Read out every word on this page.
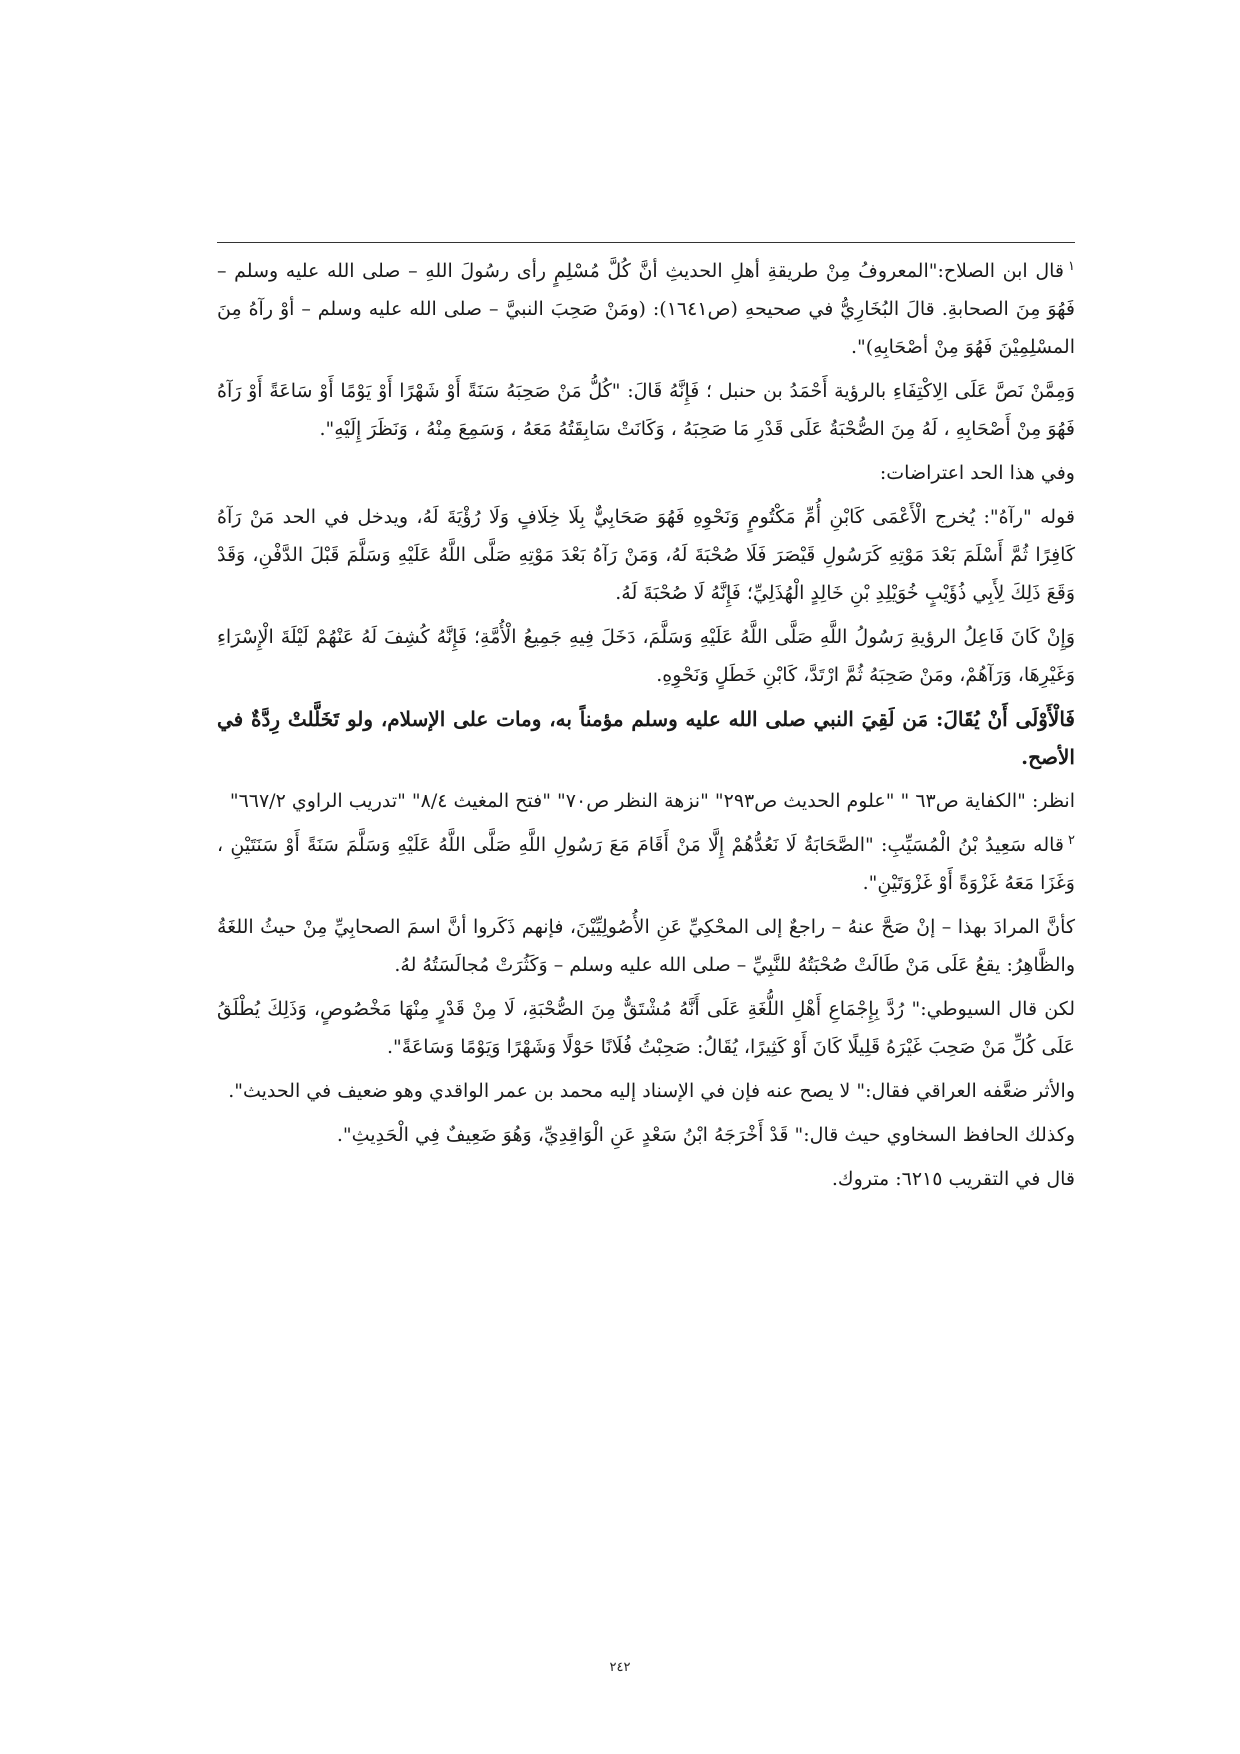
$^١$قال ابن الصلاح:"المعروفُ مِنْ طريقةِ أهلِ الحديثِ أنَّ كُلَّ مُسْلِمٍ رأى رسُولَ اللهِ – صلى الله عليه وسلم – فَهُوَ مِنَ الصحابةِ. قالَ البُخَارِيُّ في صحيحهِ (ص١٦٤١): (ومَنْ صَحِبَ النبيَّ – صلى الله عليه وسلم – أوْ رآهُ مِنَ المسْلِمِيْنَ فَهُوَ مِنْ أصْحَابِهِ)".

وَمِمَّنْ نَصَّ عَلَى الِاكْتِفَاءِ بالرؤية أَحْمَدُ بن حنبل ؛ فَإِنَّهُ قَالَ: "كُلُّ مَنْ صَحِبَهُ سَنَةً أَوْ شَهْرًا أَوْ يَوْمًا أَوْ سَاعَةً أَوْ رَآهُ فَهُوَ مِنْ أَصْحَابِهِ ، لَهُ مِنَ الصُّحْبَةُ عَلَى قَدْرِ مَا صَحِبَهُ ، وَكَانَتْ سَابِقَتُهُ مَعَهُ ، وَسَمِعَ مِنْهُ ، وَنَظَرَ إِلَيْهِ".

وفي هذا الحد اعتراضات:

قوله "رآهُ": يُخرج الْأَعْمَى كَابْنِ أُمِّ مَكْتُومٍ وَنَحْوِهِ فَهُوَ صَحَابِيٌّ بِلَا خِلَافٍ وَلَا رُؤْيَةَ لَهُ، ويدخل في الحد مَنْ رَآهُ كَافِرًا ثُمَّ أَسْلَمَ بَعْدَ مَوْتِهِ كَرَسُولِ قَيْصَرَ فَلَا صُحْبَةَ لَهُ، وَمَنْ رَآهُ بَعْدَ مَوْتِهِ صَلَّى اللَّهُ عَلَيْهِ وَسَلَّمَ قَبْلَ الدَّفْنِ، وَقَدْ وَقَعَ ذَلِكَ لِأَبِي ذُؤَيْبٍ خُوَيْلِدِ بْنِ خَالِدٍ الْهُذَلِيِّ؛ فَإِنَّهُ لَا صُحْبَةَ لَهُ.

وَإِنْ كَانَ فَاعِلُ الرؤيةِ رَسُولُ اللَّهِ صَلَّى اللَّهُ عَلَيْهِ وَسَلَّمَ، دَخَلَ فِيهِ جَمِيعُ الْأُمَّةِ؛ فَإِنَّهُ كُشِفَ لَهُ عَنْهُمْ لَيْلَةَ الْإِسْرَاءِ وَغَيْرِهَا، وَرَآهُمْ، ومَنْ صَحِبَهُ ثُمَّ ارْتَدَّ، كَابْنِ خَطَلٍ وَنَحْوِهِ.

فَالْأَوْلَى أَنْ يُقَالَ: مَن لَقِيَ النبي صلى الله عليه وسلم مؤمناً به، ومات على الإسلام، ولو تَخَلَّلتْ رِدَّةٌ في الأصح.

انظر: "الكفاية ص٦٣ " "علوم الحديث ص٢٩٣" "نزهة النظر ص٧٠" "فتح المغيث ٨/٤" "تدريب الراوي ٦٦٧/٢"

$^٢$قاله سَعِيدُ بْنُ الْمُسَيِّبِ: "الصَّحَابَةُ لَا نَعُدُّهُمْ إِلَّا مَنْ أَقَامَ مَعَ رَسُولِ اللَّهِ صَلَّى اللَّهُ عَلَيْهِ وَسَلَّمَ سَنَةً أَوْ سَنَتَيْنِ ، وَغَزَا مَعَهُ غَزْوَةً أَوْ غَزْوَتَيْنِ".

كأنَّ المرادَ بهذا – إنْ صَحَّ عنهُ – راجعٌ إلى المحْكِيِّ عَنِ الأُصُولِيِّيْنَ، فإنهم ذَكَروا أنَّ اسمَ الصحابِيِّ مِنْ حيثُ اللغَةُ والظَّاهِرُ: يقعُ عَلَى مَنْ طَالَتْ صُحْبَتُهُ للنَّبِيِّ – صلى الله عليه وسلم – وَكَثُرَتْ مُجالَسَتُهُ لهُ.

لكن قال السيوطي:" رُدَّ بِإِجْمَاعِ أَهْلِ اللُّغَةِ عَلَى أَنَّهُ مُشْتَقٌّ مِنَ الصُّحْبَةِ، لَا مِنْ قَدْرٍ مِنْهَا مَخْصُوصٍ، وَذَلِكَ يُطْلَقُ عَلَى كُلِّ مَنْ صَحِبَ غَيْرَهُ قَلِيلًا كَانَ أَوْ كَثِيرًا، يُقَالُ: صَحِبْتُ فُلَانًا حَوْلًا وَشَهْرًا وَيَوْمًا وَسَاعَةً".

والأثر ضعَّفه العراقي فقال:" لا يصح عنه فإن في الإسناد إليه محمد بن عمر الواقدي وهو ضعيف في الحديث".

وكذلك الحافظ السخاوي حيث قال:" قَدْ أَخْرَجَهُ ابْنُ سَعْدٍ عَنِ الْوَاقِدِيِّ، وَهُوَ ضَعِيفٌ فِي الْحَدِيثِ".

قال في التقريب ٦٢١٥: متروك.

٢٤٢
